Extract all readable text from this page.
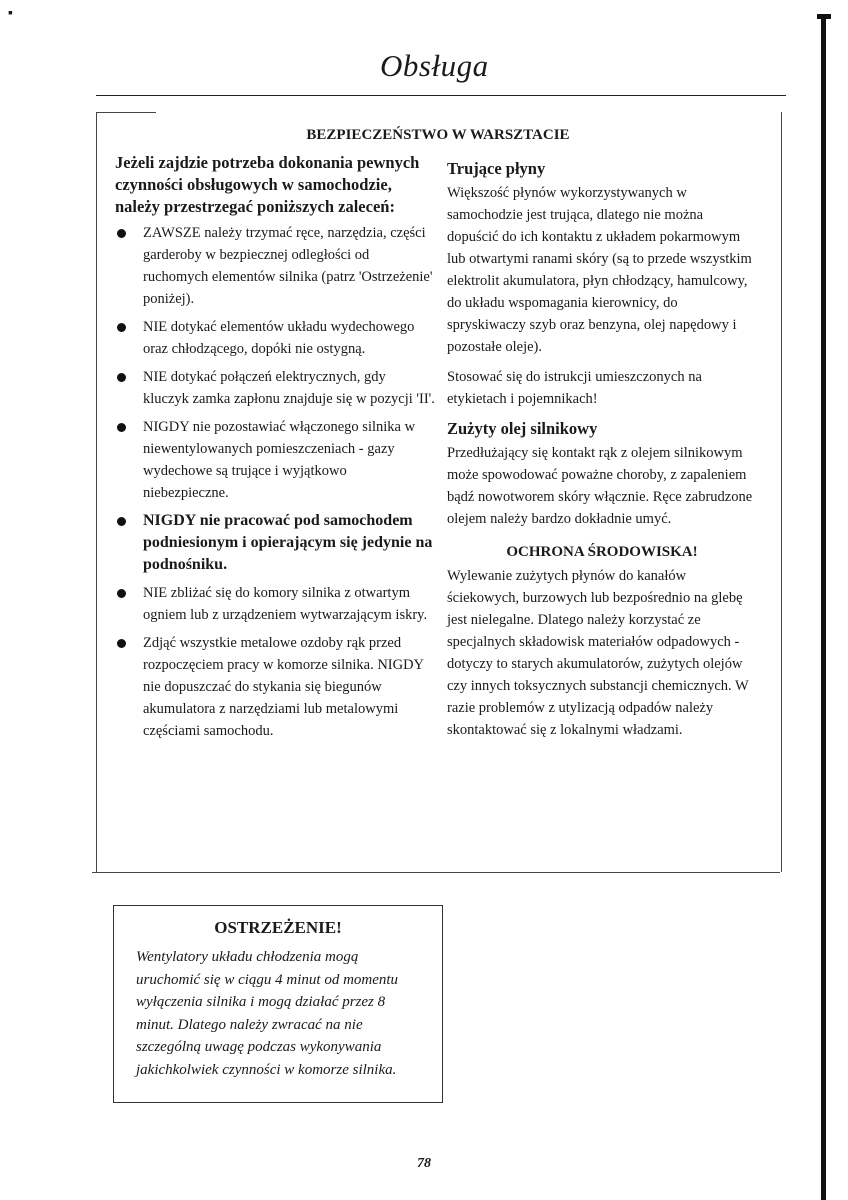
▪
Obsługa
BEZPIECZEŃSTWO W WARSZTACIE

Jeżeli zajdzie potrzeba dokonania pewnych czynności obsługowych w samochodzie, należy przestrzegać poniższych zaleceń:

ZAWSZE należy trzymać ręce, narzędzia, części garderoby w bezpiecznej odległości od ruchomych elementów silnika (patrz 'Ostrzeżenie' poniżej).
NIE dotykać elementów układu wydechowego oraz chłodzącego, dopóki nie ostygną.
NIE dotykać połączeń elektrycznych, gdy kluczyk zamka zapłonu znajduje się w pozycji 'II'.
NIGDY nie pozostawiać włączonego silnika w niewentylowanych pomieszczeniach - gazy wydechowe są trujące i wyjątkowo niebezpieczne.
NIGDY nie pracować pod samochodem podniesionym i opierającym się jedynie na podnośniku.
NIE zbliżać się do komory silnika z otwartym ogniem lub z urządzeniem wytwarzającym iskry.
Zdjąć wszystkie metalowe ozdoby rąk przed rozpoczęciem pracy w komorze silnika. NIGDY nie dopuszczać do stykania się biegunów akumulatora z narzędziami lub metalowymi częściami samochodu.
Trujące płyny

Większość płynów wykorzystywanych w samochodzie jest trująca, dlatego nie można dopuścić do ich kontaktu z układem pokarmowym lub otwartymi ranami skóry (są to przede wszystkim elektrolit akumulatora, płyn chłodzący, hamulcowy, do układu wspomagania kierownicy, do spryskiwaczy szyb oraz benzyna, olej napędowy i pozostałe oleje).

Stosować się do istrukcji umieszczonych na etykietach i pojemnikach!

Zużyty olej silnikowy

Przedłużający się kontakt rąk z olejem silnikowym może spowodować poważne choroby, z zapaleniem bądź nowotworem skóry włącznie. Ręce zabrudzone olejem należy bardzo dokładnie umyć.

OCHRONA ŚRODOWISKA!

Wylewanie zużytych płynów do kanałów ściekowych, burzowych lub bezpośrednio na glebę jest nielegalne. Dlatego należy korzystać ze specjalnych składowisk materiałów odpadowych - dotyczy to starych akumulatorów, zużytych olejów czy innych toksycznych substancji chemicznych. W razie problemów z utylizacją odpadów należy skontaktować się z lokalnymi władzami.

OSTRZEŻENIE!
Wentylatory układu chłodzenia mogą uruchomić się w ciągu 4 minut od momentu wyłączenia silnika i mogą działać przez 8 minut. Dlatego należy zwracać na nie szczególną uwagę podczas wykonywania jakichkolwiek czynności w komorze silnika.
78
